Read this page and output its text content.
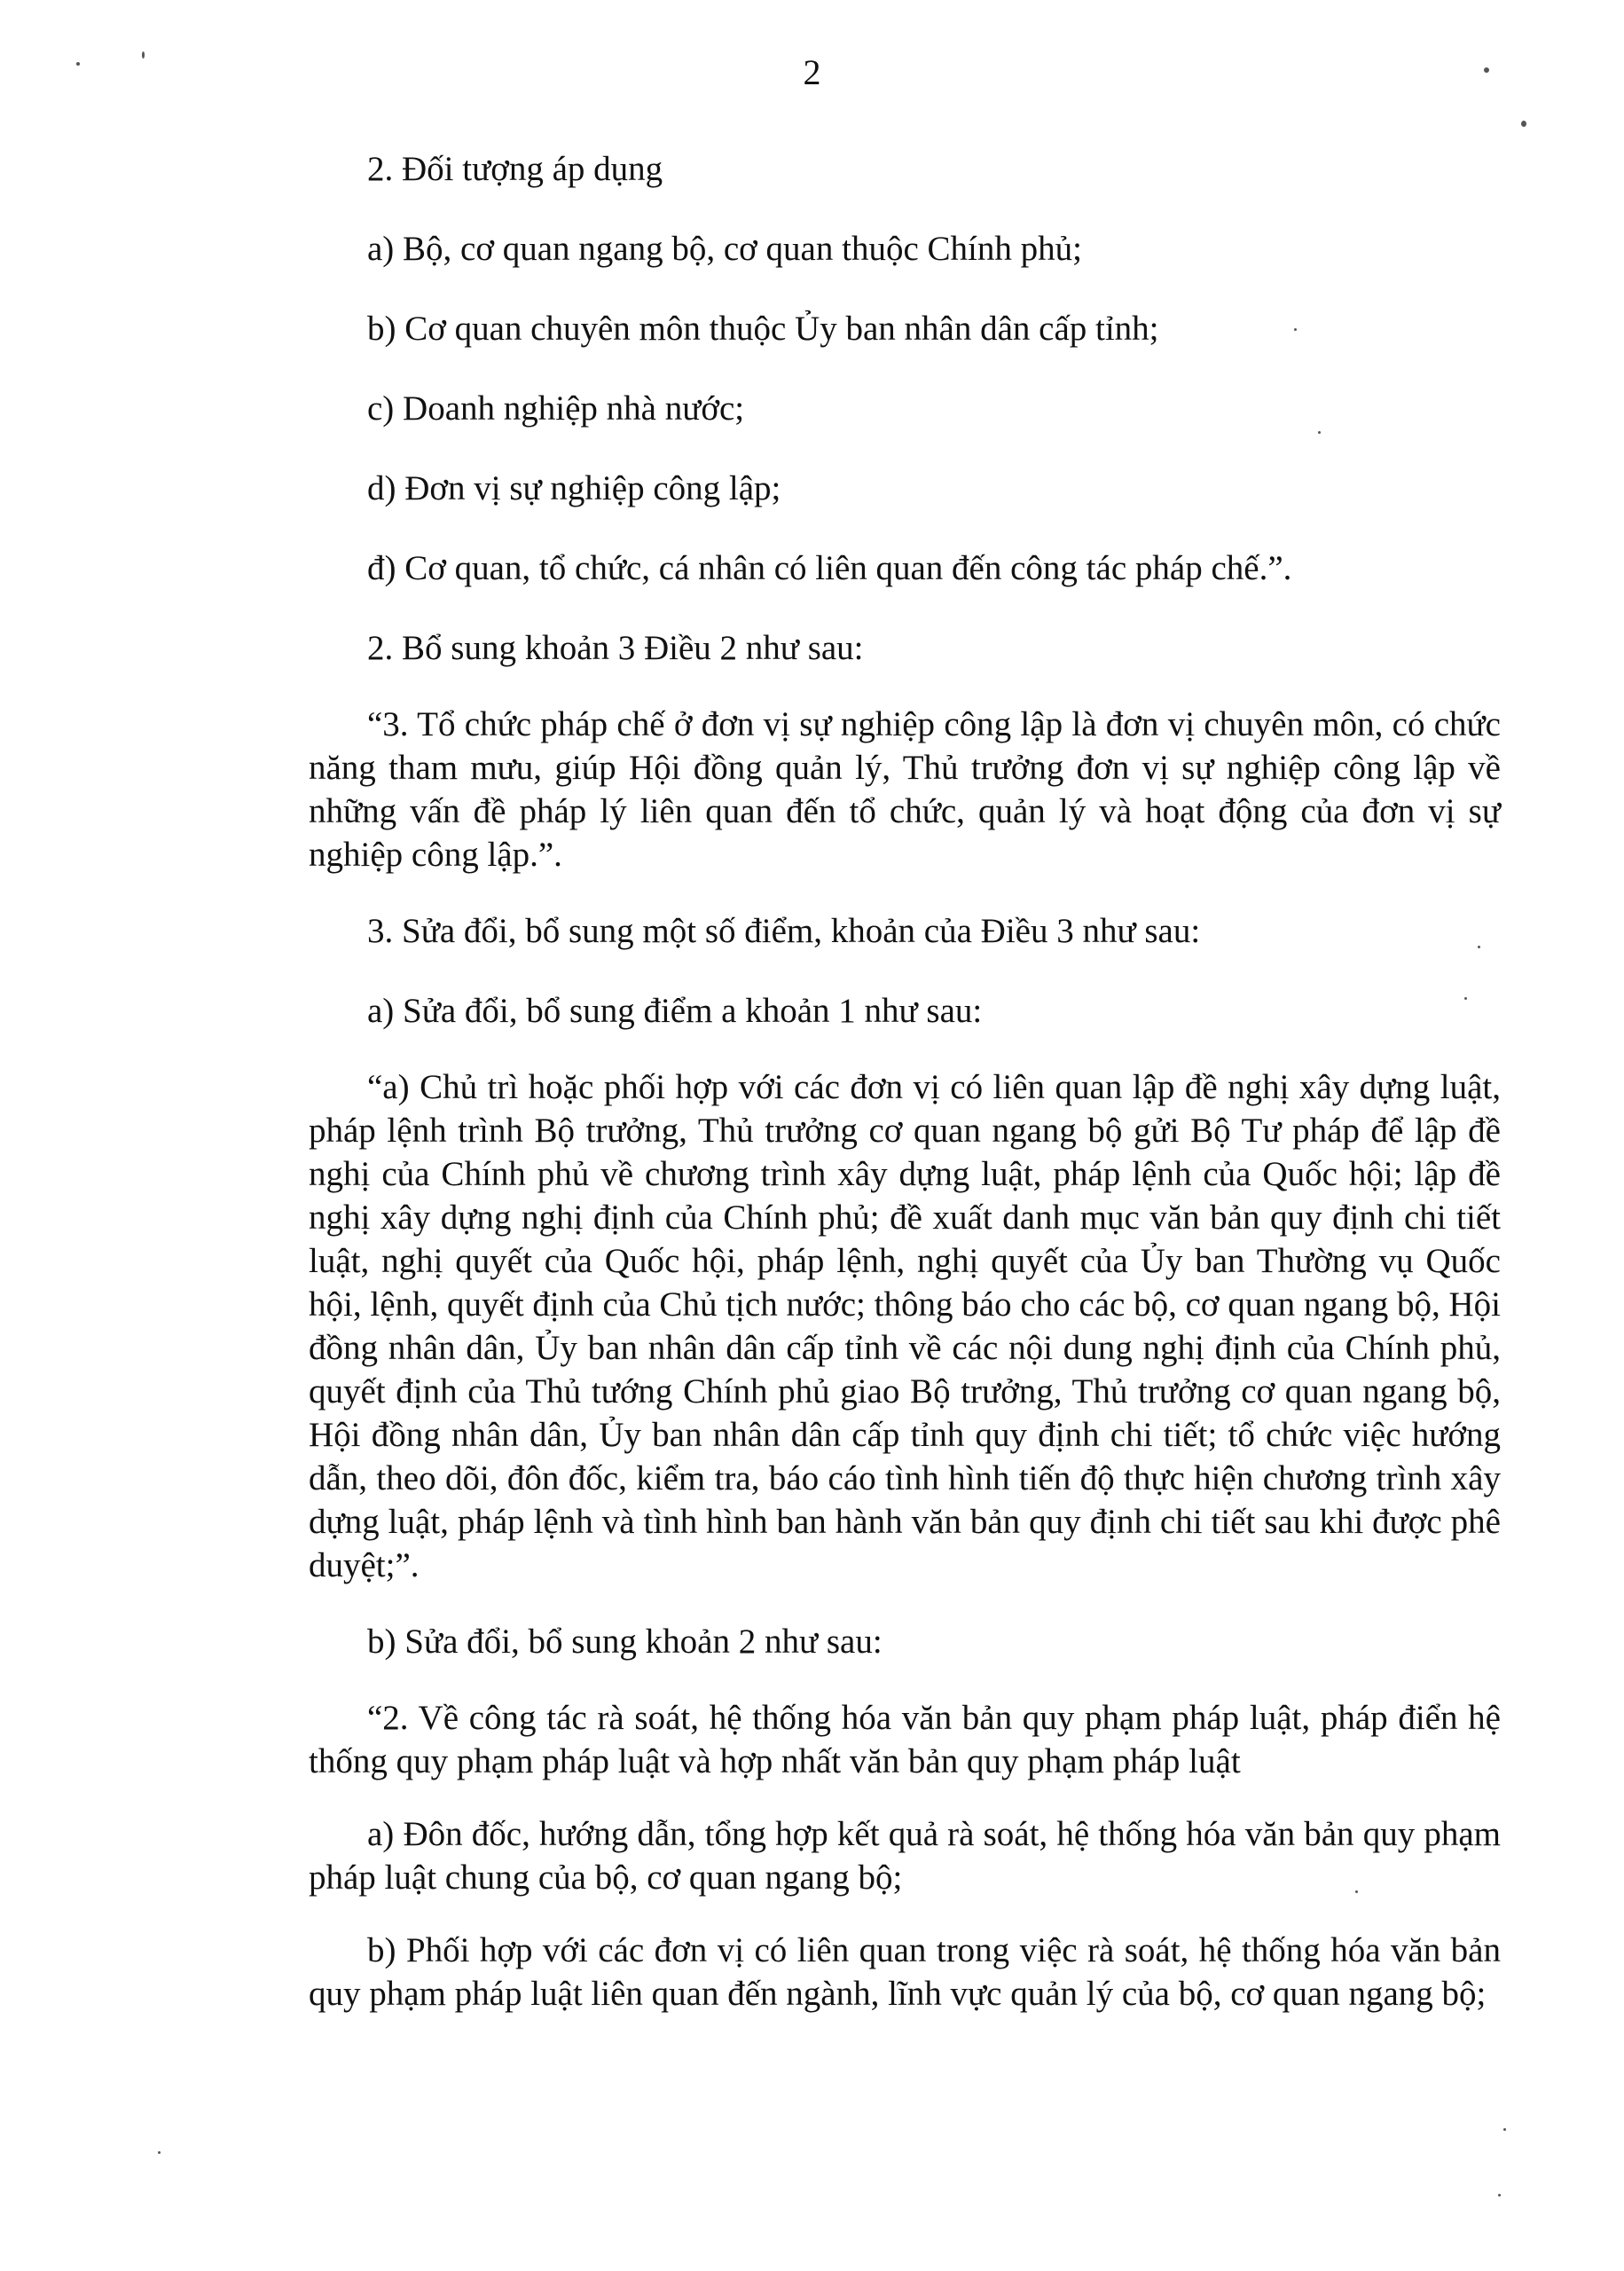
2
2. Đối tượng áp dụng
a) Bộ, cơ quan ngang bộ, cơ quan thuộc Chính phủ;
b) Cơ quan chuyên môn thuộc Ủy ban nhân dân cấp tỉnh;
c) Doanh nghiệp nhà nước;
d) Đơn vị sự nghiệp công lập;
đ) Cơ quan, tổ chức, cá nhân có liên quan đến công tác pháp chế.”.
2. Bổ sung khoản 3 Điều 2 như sau:

“3. Tổ chức pháp chế ở đơn vị sự nghiệp công lập là đơn vị chuyên môn, có chức năng tham mưu, giúp Hội đồng quản lý, Thủ trưởng đơn vị sự nghiệp công lập về những vấn đề pháp lý liên quan đến tổ chức, quản lý và hoạt động của đơn vị sự nghiệp công lập.”.

3. Sửa đổi, bổ sung một số điểm, khoản của Điều 3 như sau:
a) Sửa đổi, bổ sung điểm a khoản 1 như sau:

“a) Chủ trì hoặc phối hợp với các đơn vị có liên quan lập đề nghị xây dựng luật, pháp lệnh trình Bộ trưởng, Thủ trưởng cơ quan ngang bộ gửi Bộ Tư pháp để lập đề nghị của Chính phủ về chương trình xây dựng luật, pháp lệnh của Quốc hội; lập đề nghị xây dựng nghị định của Chính phủ; đề xuất danh mục văn bản quy định chi tiết luật, nghị quyết của Quốc hội, pháp lệnh, nghị quyết của Ủy ban Thường vụ Quốc hội, lệnh, quyết định của Chủ tịch nước; thông báo cho các bộ, cơ quan ngang bộ, Hội đồng nhân dân, Ủy ban nhân dân cấp tỉnh về các nội dung nghị định của Chính phủ, quyết định của Thủ tướng Chính phủ giao Bộ trưởng, Thủ trưởng cơ quan ngang bộ, Hội đồng nhân dân, Ủy ban nhân dân cấp tỉnh quy định chi tiết; tổ chức việc hướng dẫn, theo dõi, đôn đốc, kiểm tra, báo cáo tình hình tiến độ thực hiện chương trình xây dựng luật, pháp lệnh và tình hình ban hành văn bản quy định chi tiết sau khi được phê duyệt;”.

b) Sửa đổi, bổ sung khoản 2 như sau:

“2. Về công tác rà soát, hệ thống hóa văn bản quy phạm pháp luật, pháp điển hệ thống quy phạm pháp luật và hợp nhất văn bản quy phạm pháp luật

a) Đôn đốc, hướng dẫn, tổng hợp kết quả rà soát, hệ thống hóa văn bản quy phạm pháp luật chung của bộ, cơ quan ngang bộ;

b) Phối hợp với các đơn vị có liên quan trong việc rà soát, hệ thống hóa văn bản quy phạm pháp luật liên quan đến ngành, lĩnh vực quản lý của bộ, cơ quan ngang bộ;
